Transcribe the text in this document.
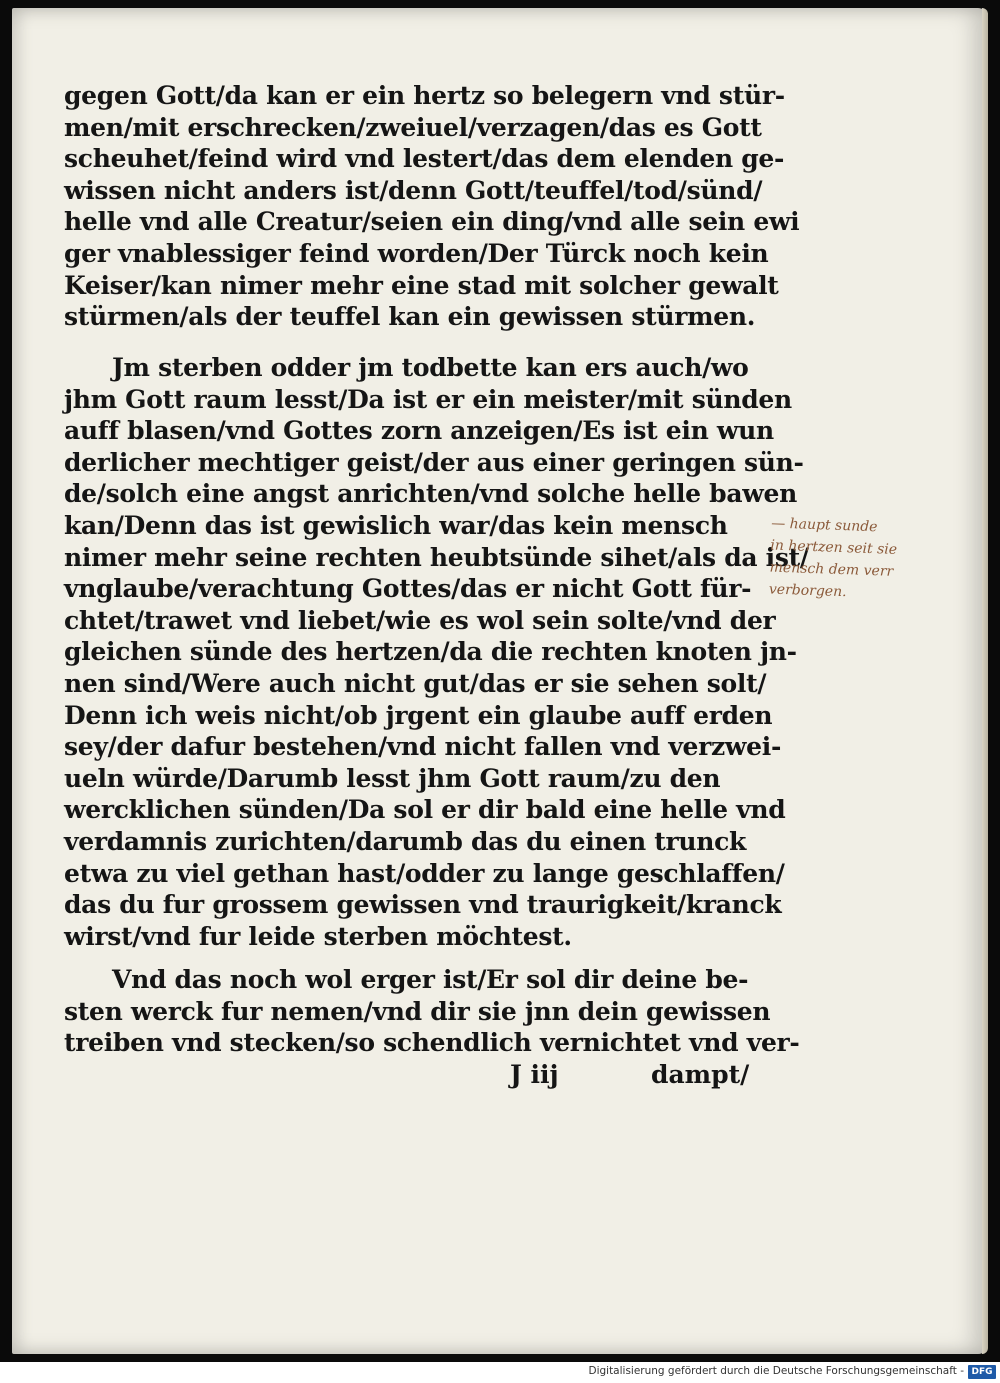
gegen Gott/da kan er ein hertz so belegern vnd stür-
men/mit erschrecken/zweiuel/verzagen/das es Gott
scheuhet/feind wird vnd lestert/das dem elenden ge-
wissen nicht anders ist/denn Gott/teuffel/tod/sünd/
helle vnd alle Creatur/seien ein ding/vnd alle sein ewi
ger vnablessiger feind worden/Der Türck noch kein
Keiser/kan nimer mehr eine stad mit solcher gewalt
stürmen/als der teuffel kan ein gewissen stürmen.
Jm sterben odder jm todbette kan ers auch/wo
jhm Gott raum lesst/Da ist er ein meister/mit sünden
auff blasen/vnd Gottes zorn anzeigen/Es ist ein wun
derlicher mechtiger geist/der aus einer geringen sün-
de/solch eine angst anrichten/vnd solche helle bawen
kan/Denn das ist gewislich war/das kein mensch
nimer mehr seine rechten heubtsünde sihet/als da ist/
vnglaube/verachtung Gottes/das er nicht Gott für-
chtet/trawet vnd liebet/wie es wol sein solte/vnd der
gleichen sünde des hertzen/da die rechten knoten jn-
nen sind/Were auch nicht gut/das er sie sehen solt/
Denn ich weis nicht/ob jrgent ein glaube auff erden
sey/der dafur bestehen/vnd nicht fallen vnd verzwei-
ueln würde/Darumb lesst jhm Gott raum/zu den
wercklichen sünden/Da sol er dir bald eine helle vnd
verdamnis zurichten/darumb das du einen trunck
etwa zu viel gethan hast/odder zu lange geschlaffen/
das du fur grossem gewissen vnd traurigkeit/kranck
wirst/vnd fur leide sterben möchtest.
Vnd das noch wol erger ist/Er sol dir deine be-
sten werck fur nemen/vnd dir sie jnn dein gewissen
treiben vnd stecken/so schendlich vernichtet vnd ver-
J iij	dampt/
— haupt sunde
in hertzen seit sie
mensch dem verr
verborgen.
Digitalisierung gefördert durch die Deutsche Forschungsgemeinschaft - DFG
